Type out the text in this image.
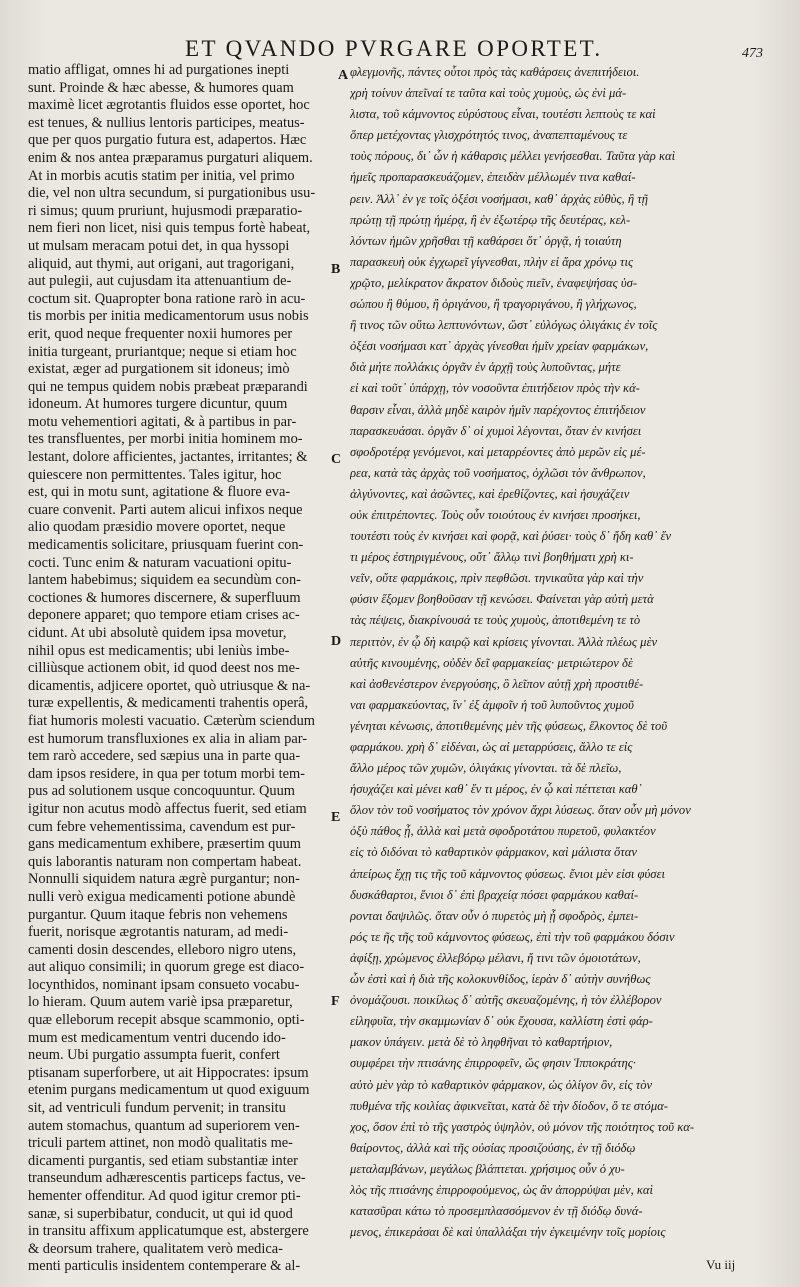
ET QVANDO PVRGARE OPORTET.	473
matio affligat, omnes hi ad purgationes inepti
sunt. Proinde & hæc abesse, & humores quam
maximè licet ægrotantis fluidos esse oportet, hoc
est tenues, & nullius lentoris participes, meatus-
que per quos purgatio futura est, adapertos. Hæc
enim & nos antea præparamus purgaturi aliquem.
At in morbis acutis statim per initia, vel primo
die, vel non ultra secundum, si purgationibus usu-
ri simus; quum pruriunt, hujusmodi præparatio-
nem fieri non licet, nisi quis tempus fortè habeat,
ut mulsam meracam potui det, in qua hyssopi
aliquid, aut thymi, aut origani, aut tragorigani,
aut pulegii, aut cujusdam ita attenuantium de-
coctum sit. Quapropter bona ratione rarò in acu-
tis morbis per initia medicamentorum usus nobis
erit, quod neque frequenter noxii humores per
initia turgeant, pruriantque; neque si etiam hoc
existat, æger ad purgationem sit idoneus; imò
qui ne tempus quidem nobis præbeat præparandi
idoneum. At humores turgere dicuntur, quum
motu vehementiori agitati, & à partibus in par-
tes transfluentes, per morbi initia hominem mo-
lestant, dolore afficientes, jactantes, irritantes; &
quiescere non permittentes. Tales igitur, hoc
est, qui in motu sunt, agitatione & fluore eva-
cuare convenit. Parti autem alicui infixos neque
alio quodam præsidio movere oportet, neque
medicamentis solicitare, priusquam fuerint con-
cocti. Tunc enim & naturam vacuationi opitu-
lantem habebimus; siquidem ea secundùm con-
coctiones & humores discernere, & superfluum
deponere apparet; quo tempore etiam crises ac-
cidunt. At ubi absolutè quidem ipsa movetur,
nihil opus est medicamentis; ubi leniùs imbe-
cilliùsque actionem obit, id quod deest nos me-
dicamentis, adjicere oportet, quò utriusque & na-
turæ expellentis, & medicamenti trahentis operâ,
fiat humoris molesti vacuatio. Cæterùm sciendum
est humorum transfluxiones ex alia in aliam par-
tem rarò accedere, sed sæpius una in parte qua-
dam ipsos residere, in qua per totum morbi tem-
pus ad solutionem usque concoquuntur. Quum
igitur non acutus modò affectus fuerit, sed etiam
cum febre vehementissima, cavendum est pur-
gans medicamentum exhibere, præsertim quum
quis laborantis naturam non compertam habeat.
Nonnulli siquidem natura ægrè purgantur; non-
nulli verò exigua medicamenti potione abundè
purgantur. Quum itaque febris non vehemens
fuerit, norisque ægrotantis naturam, ad medi-
camenti dosin descendes, elleboro nigro utens,
aut aliquo consimili; in quorum grege est diaco-
locynthidos, nominant ipsam consueto vocabu-
lo hieram. Quum autem variè ipsa præparetur,
quæ elleborum recepit absque scammonio, opti-
mum est medicamentum ventri ducendo ido-
neum. Ubi purgatio assumpta fuerit, confert
ptisanam superforbere, ut ait Hippocrates: ipsum
etenim purgans medicamentum ut quod exiguum
sit, ad ventriculi fundum pervenit; in transitu
autem stomachus, quantum ad superiorem ven-
triculi partem attinet, non modò qualitatis me-
dicamenti purgantis, sed etiam substantiæ inter
transeundum adhærescentis particeps factus, ve-
hementer offenditur. Ad quod igitur cremor pti-
sanæ, si superbibatur, conducit, ut qui id quod
in transitu affixum applicatumque est, abstergere
& deorsum trahere, qualitatem verò medica-
menti particulis insidentem contemperare & al-
φλεγμονῆς, πάντες οὗτοι πρὸς τὰς καθάρσεις ἀνεπιτήδειοι.
χρὴ τοίνυν ἀπεῖναί τε ταῦτα καὶ τοὺς χυμοὺς, ὡς ἐνὶ μά-
λιστα, τοῦ κάμνοντος εὐρύστους εἶναι, τουτέστι λεπτοὺς τε καὶ
ὅπερ μετέχοντας γλισχρότητός τινος, ἀναπεπταμένους τε
τοὺς πόρους, δι᾽ ὧν ἡ κάθαρσις μέλλει γενήσεσθαι. Ταῦτα γὰρ καὶ
ἡμεῖς προπαρασκευάζομεν, ἐπειδὰν μέλλωμέν τινα καθαί-
ρειν. Ἀλλ᾽ ἐν γε τοῖς ὀξέσι νοσήμασι, καθ᾽ ἀρχὰς εὐθὺς, ἢ τῇ
πρώτῃ τῇ πρώτῃ ἡμέρᾳ, ἢ ἐν ἐξωτέρῳ τῆς δευτέρας, κελ-
λόντων ἡμῶν χρῆσθαι τῇ καθάρσει ὅτ᾽ ὀργᾷ, ἡ τοιαύτη
παρασκευὴ οὐκ ἐγχωρεῖ γίγνεσθαι, πλὴν εἰ ἄρα χρόνῳ τις
χρῷτο, μελίκρατον ἄκρατον διδοὺς πιεῖν, ἐναφεψήσας ὑσ-
σώπου ἢ θύμου, ἢ ὀριγάνου, ἢ τραγοριγάνου, ἢ γλήχωνος,
ἢ τινος τῶν οὕτω λεπτυνόντων, ὥστ᾽ εὐλόγως ὀλιγάκις ἐν τοῖς
ὀξέσι νοσήμασι κατ᾽ ἀρχὰς γίνεσθαι ἡμῖν χρείαν φαρμάκων,
διὰ μήτε πολλάκις ὀργᾶν ἐν ἀρχῇ τοὺς λυποῦντας, μήτε
εἰ καὶ τοῦτ᾽ ὑπάρχῃ, τὸν νοσοῦντα ἐπιτήδειον πρὸς τὴν κά-
θαρσιν εἶναι, ἀλλὰ μηδὲ καιρὸν ἡμῖν παρέχοντος ἐπιτήδειον
παρασκευάσαι. ὀργᾶν δ᾽ οἱ χυμοὶ λέγονται, ὅταν ἐν κινήσει
σφοδροτέρᾳ γενόμενοι, καὶ μεταρρέοντες ἀπὸ μερῶν εἰς μέ-
ρεα, κατὰ τὰς ἀρχὰς τοῦ νοσήματος, ὀχλῶσι τὸν ἄνθρωπον,
ἀλγύνοντες, καὶ ἀσῶντες, καὶ ἐρεθίζοντες, καὶ ἡσυχάζειν
οὐκ ἐπιτρέποντες. Τοὺς οὖν τοιούτους ἐν κινήσει προσήκει,
τουτέστι τοὺς ἐν κινήσει καὶ φορᾷ, καὶ ῥύσει· τοὺς δ᾽ ἤδη καθ᾽ ἕν
τι μέρος ἐστηριγμένους, οὔτ᾽ ἄλλῳ τινὶ βοηθήματι χρὴ κι-
νεῖν, οὔτε φαρμάκοις, πρὶν πεφθῶσι. τηνικαῦτα γὰρ καὶ τὴν
φύσιν ἕξομεν βοηθοῦσαν τῇ κενώσει. Φαίνεται γὰρ αὐτὴ μετὰ
τὰς πέψεις, διακρίνουσά τε τοὺς χυμοὺς, ἀποτιθεμένη τε τὸ
περιττὸν, ἐν ᾧ δὴ καιρῷ καὶ κρίσεις γίνονται. Ἀλλὰ πλέως μὲν
αὐτῆς κινουμένης, οὐδὲν δεῖ φαρμακείας· μετριώτερον δὲ
καὶ ἀσθενέστερον ἐνεργούσης, ὃ λεῖπον αὐτῇ χρὴ προστιθέ-
ναι φαρμακεύοντας, ἵν᾽ ἐξ ἀμφοῖν ἡ τοῦ λυποῦντος χυμοῦ
γένηται κένωσις, ἀποτιθεμένης μὲν τῆς φύσεως, ἕλκοντος δὲ τοῦ
φαρμάκου. χρὴ δ᾽ εἰδέναι, ὡς αἱ μεταρρύσεις, ἄλλο τε εἰς
ἄλλο μέρος τῶν χυμῶν, ὀλιγάκις γίνονται. τὰ δὲ πλεῖω,
ἡσυχάζει καὶ μένει καθ᾽ ἕν τι μέρος, ἐν ᾧ καὶ πέττεται καθ᾽
ὅλον τὸν τοῦ νοσήματος τὸν χρόνον ἄχρι λύσεως. ὅταν οὖν μὴ μόνον
ὀξὺ πάθος ᾖ, ἀλλὰ καὶ μετὰ σφοδροτάτου πυρετοῦ, φυλακτέον
εἰς τὸ διδόναι τὸ καθαρτικὸν φάρμακον, καὶ μάλιστα ὅταν
ἀπείρως ἔχῃ τις τῆς τοῦ κάμνοντος φύσεως. ἔνιοι μὲν εἰσι φύσει
δυσκάθαρτοι, ἔνιοι δ᾽ ἐπὶ βραχείᾳ πόσει φαρμάκου καθαί-
ρονται δαψιλῶς. ὅταν οὖν ὁ πυρετὸς μὴ ᾖ σφοδρὸς, ἐμπει-
ρός τε ῆς τῆς τοῦ κάμνοντος φύσεως, ἐπὶ τὴν τοῦ φαρμάκου δόσιν
ἀφίξῃ, χρώμενος ἐλλεβόρῳ μέλανι, ἤ τινι τῶν ὁμοιοτάτων,
ὧν ἐστὶ καὶ ἡ διὰ τῆς κολοκυνθίδος, ἱερὰν δ᾽ αὐτὴν συνήθως
ὀνομάζουσι. ποικίλως δ᾽ αὐτῆς σκευαζομένης, ἡ τὸν ἐλλέβορον
εἰληφυῖα, τὴν σκαμμωνίαν δ᾽ οὐκ ἔχουσα, καλλίστη ἐστὶ φάρ-
μακον ὑπάγειν. μετὰ δὲ τὸ ληφθῆναι τὸ καθαρτήριον,
συμφέρει τὴν πτισάνης ἐπιρροφεῖν, ὥς φησιν Ἱπποκράτης·
αὐτὸ μὲν γὰρ τὸ καθαρτικὸν φάρμακον, ὡς ὀλίγον ὂν, εἰς τὸν
πυθμένα τῆς κοιλίας ἀφικνεῖται, κατὰ δὲ τὴν δίοδον, ὅ τε στόμα-
χος, ὅσον ἐπὶ τὸ τῆς γαστρὸς ὑψηλὸν, οὐ μόνον τῆς ποιότητος τοῦ κα-
θαίροντος, ἀλλὰ καὶ τῆς οὐσίας προσιζούσης, ἐν τῇ διόδῳ
μεταλαμβάνων, μεγάλως βλάπτεται. χρήσιμος οὖν ὁ χυ-
λὸς τῆς πτισάνης ἐπιρροφούμενος, ὡς ἂν ἀπορρύψαι μὲν, καὶ
κατασῦραι κάτω τὸ προσεμπλασσόμενον ἐν τῇ διόδῳ δυνά-
μενος, ἐπικεράσαι δὲ καὶ ὑπαλλάξαι τὴν ἐγκειμένην τοῖς μορίοις
A
B
C
D
E
F
Vu iij
